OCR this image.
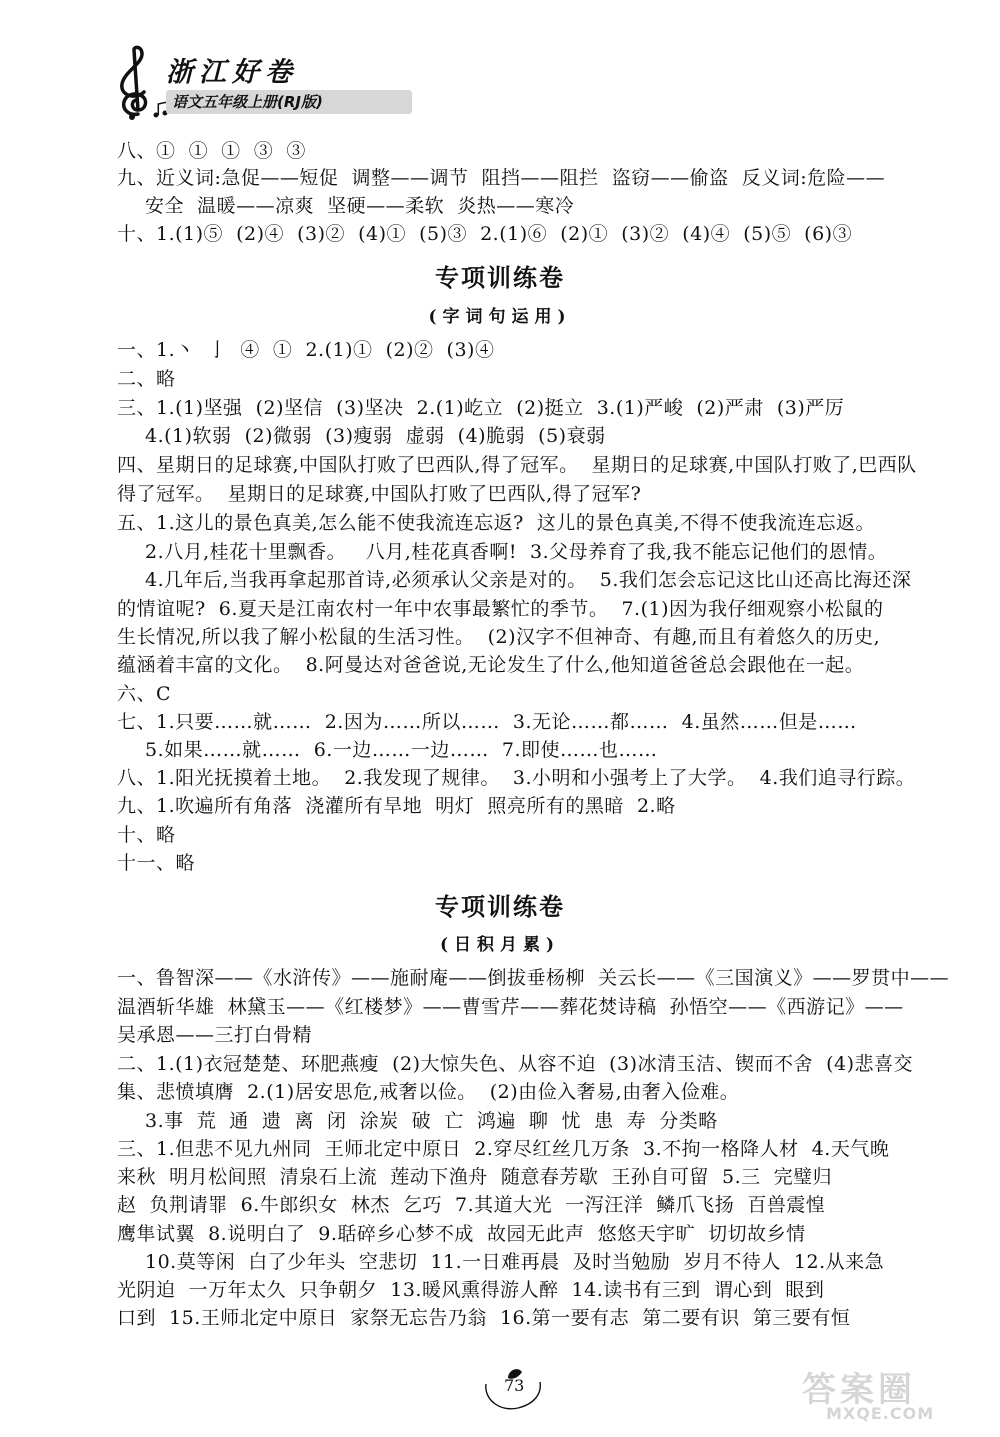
浙江好卷
语文五年级上册(RJ版)
八、①  ①  ①  ③  ③
九、近义词:急促——短促  调整——调节  阻挡——阻拦  盗窃——偷盗  反义词:危险——
安全  温暖——凉爽  坚硬——柔软  炎热——寒冷
十、1.(1)⑤  (2)④  (3)②  (4)①  (5)③  2.(1)⑥  (2)①  (3)②  (4)④  (5)⑤  (6)③
专项训练卷
(字词句运用)
一、1.丶  亅  ④  ①  2.(1)①  (2)②  (3)④
二、略
三、1.(1)坚强  (2)坚信  (3)坚决  2.(1)屹立  (2)挺立  3.(1)严峻  (2)严肃  (3)严厉
4.(1)软弱  (2)微弱  (3)瘦弱  虚弱  (4)脆弱  (5)衰弱
四、星期日的足球赛,中国队打败了巴西队,得了冠军。  星期日的足球赛,中国队打败了,巴西队
得了冠军。  星期日的足球赛,中国队打败了巴西队,得了冠军?
五、1.这儿的景色真美,怎么能不使我流连忘返?  这儿的景色真美,不得不使我流连忘返。
2.八月,桂花十里飘香。   八月,桂花真香啊!  3.父母养育了我,我不能忘记他们的恩情。
4.几年后,当我再拿起那首诗,必须承认父亲是对的。  5.我们怎会忘记这比山还高比海还深
的情谊呢?  6.夏天是江南农村一年中农事最繁忙的季节。  7.(1)因为我仔细观察小松鼠的
生长情况,所以我了解小松鼠的生活习性。  (2)汉字不但神奇、有趣,而且有着悠久的历史,
蕴涵着丰富的文化。  8.阿曼达对爸爸说,无论发生了什么,他知道爸爸总会跟他在一起。
六、C
七、1.只要……就……  2.因为……所以……  3.无论……都……  4.虽然……但是……
5.如果……就……  6.一边……一边……  7.即使……也……
八、1.阳光抚摸着土地。  2.我发现了规律。  3.小明和小强考上了大学。  4.我们追寻行踪。
九、1.吹遍所有角落  浇灌所有旱地  明灯  照亮所有的黑暗  2.略
十、略
十一、略
专项训练卷
(日积月累)
一、鲁智深——《水浒传》——施耐庵——倒拔垂杨柳  关云长——《三国演义》——罗贯中——
温酒斩华雄  林黛玉——《红楼梦》——曹雪芹——葬花焚诗稿  孙悟空——《西游记》——
吴承恩——三打白骨精
二、1.(1)衣冠楚楚、环肥燕瘦  (2)大惊失色、从容不迫  (3)冰清玉洁、锲而不舍  (4)悲喜交
集、悲愤填膺  2.(1)居安思危,戒奢以俭。  (2)由俭入奢易,由奢入俭难。
3.事  荒  通  遗  离  闭  涂炭  破  亡  鸿遍  聊  忧  患  寿  分类略
三、1.但悲不见九州同  王师北定中原日  2.穿尽红丝几万条  3.不拘一格降人材  4.天气晚
来秋  明月松间照  清泉石上流  莲动下渔舟  随意春芳歇  王孙自可留  5.三  完璧归
赵  负荆请罪  6.牛郎织女  林杰  乞巧  7.其道大光  一泻汪洋  鳞爪飞扬  百兽震惶
鹰隼试翼  8.说明白了  9.聒碎乡心梦不成  故园无此声  悠悠天宇旷  切切故乡情
10.莫等闲  白了少年头  空悲切  11.一日难再晨  及时当勉励  岁月不待人  12.从来急
光阴迫  一万年太久  只争朝夕  13.暖风熏得游人醉  14.读书有三到  谓心到  眼到
口到  15.王师北定中原日  家祭无忘告乃翁  16.第一要有志  第二要有识  第三要有恒
73	答案圈
MXQE.COM
